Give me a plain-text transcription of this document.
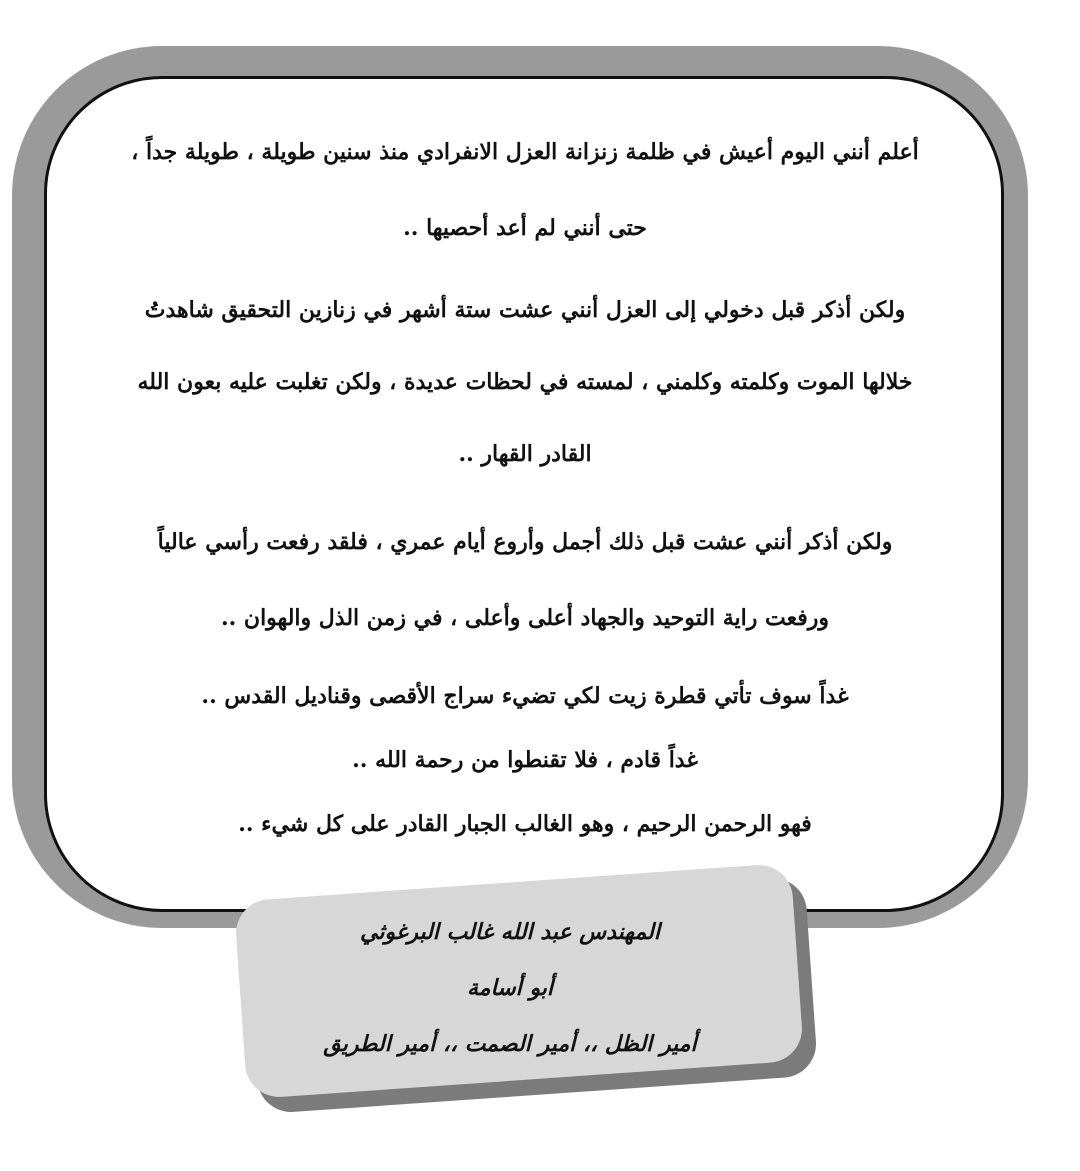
أعلم أنني اليوم أعيش في ظلمة زنزانة العزل الانفرادي منذ سنين طويلة ، طويلة جداً ،
حتى أنني لم أعد أحصيها ..
ولكن أذكر قبل دخولي إلى العزل أنني عشت ستة أشهر في زنازين التحقيق شاهدتُ
خلالها الموت وكلمته وكلمني ، لمسته في لحظات عديدة ، ولكن تغلبت عليه بعون الله
القادر القهار ..
ولكن أذكر أنني عشت قبل ذلك أجمل وأروع أيام عمري ، فلقد رفعت رأسي عالياً
ورفعت راية التوحيد والجهاد أعلى وأعلى ، في زمن الذل والهوان ..
غداً سوف تأتي قطرة زيت لكي تضيء سراج الأقصى وقناديل القدس ..
غداً قادم ، فلا تقنطوا من رحمة الله ..
فهو الرحمن الرحيم ، وهو الغالب الجبار القادر على كل شيء ..
المهندس عبد الله غالب البرغوثي
أبو أسامة
أمير الظل ،، أمير الصمت ،، أمير الطريق
